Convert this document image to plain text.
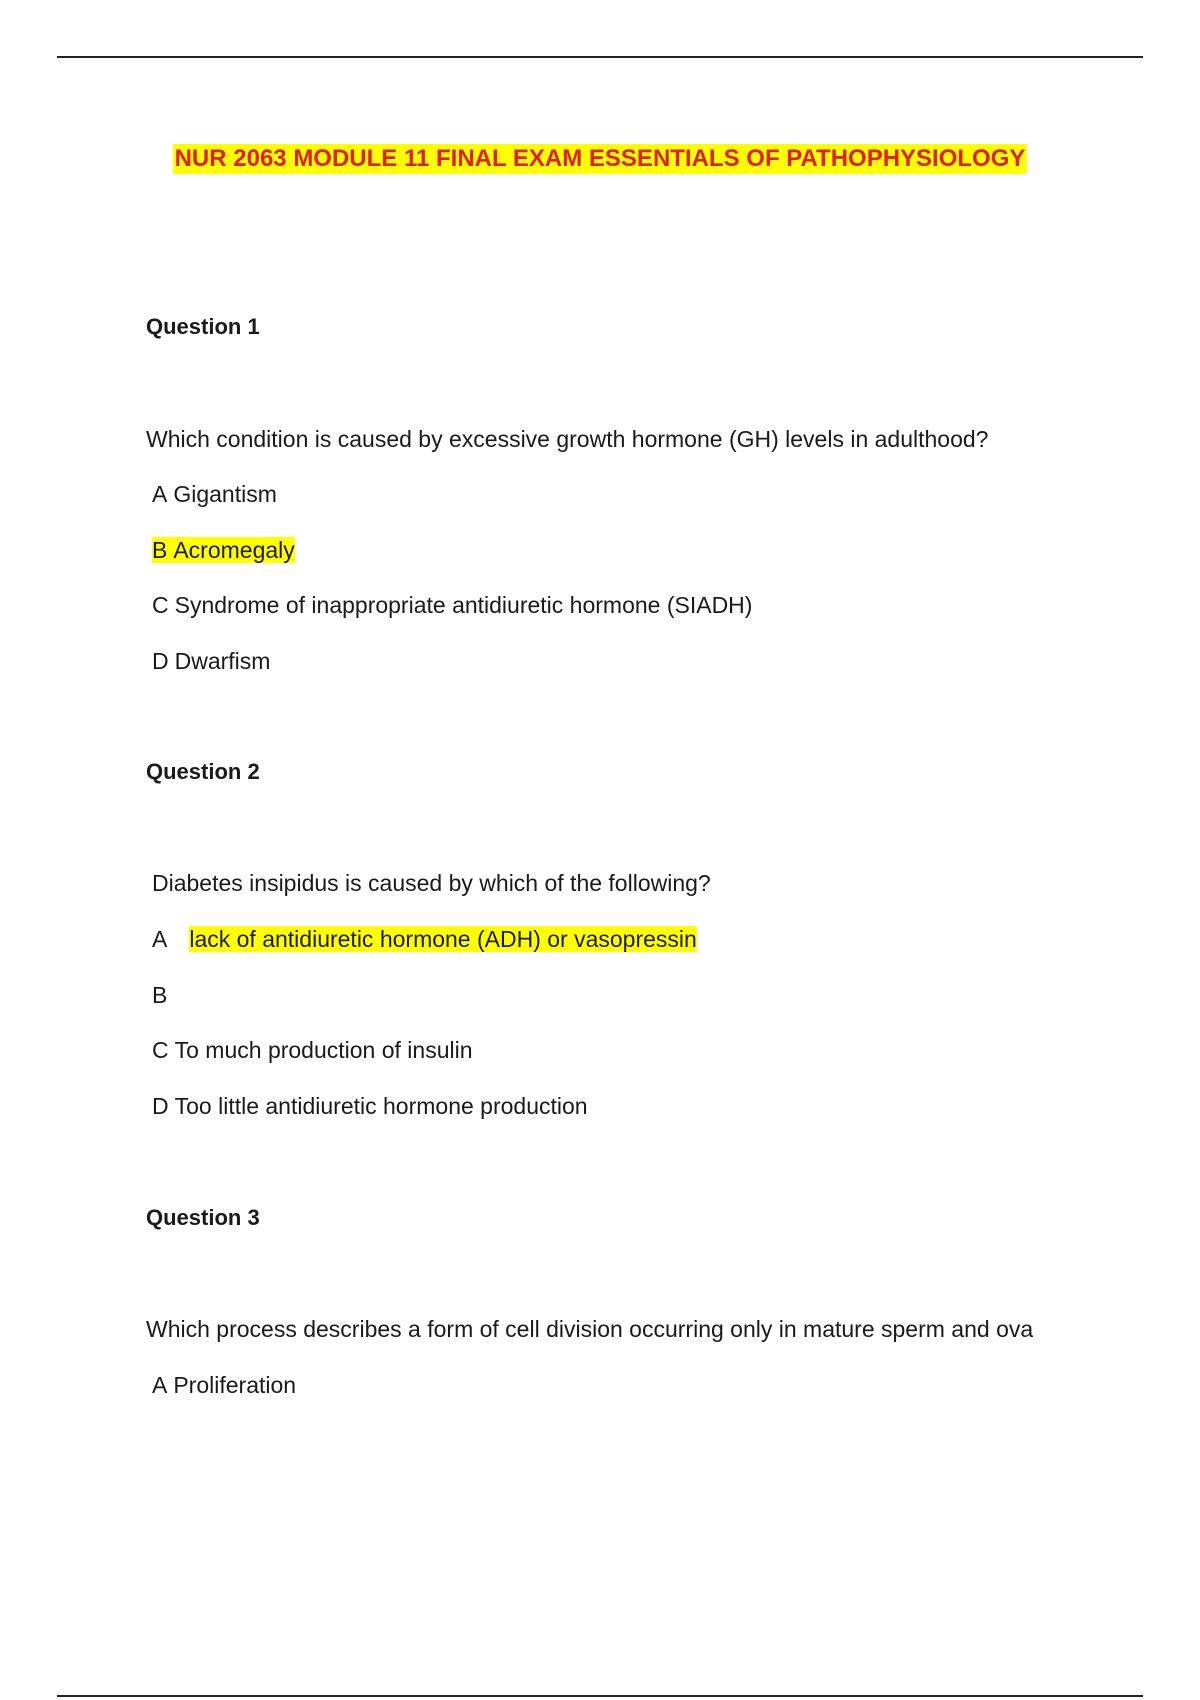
NUR 2063 MODULE 11 FINAL EXAM ESSENTIALS OF PATHOPHYSIOLOGY
Question 1
Which condition is caused by excessive growth hormone (GH) levels in adulthood?
A Gigantism
B Acromegaly
C Syndrome of inappropriate antidiuretic hormone (SIADH)
D Dwarfism
Question 2
Diabetes insipidus is caused by which of the following?
A lack of antidiuretic hormone (ADH) or vasopressin
B
C To much production of insulin
D Too little antidiuretic hormone production
Question 3
Which process describes a form of cell division occurring only in mature sperm and ova
A Proliferation
